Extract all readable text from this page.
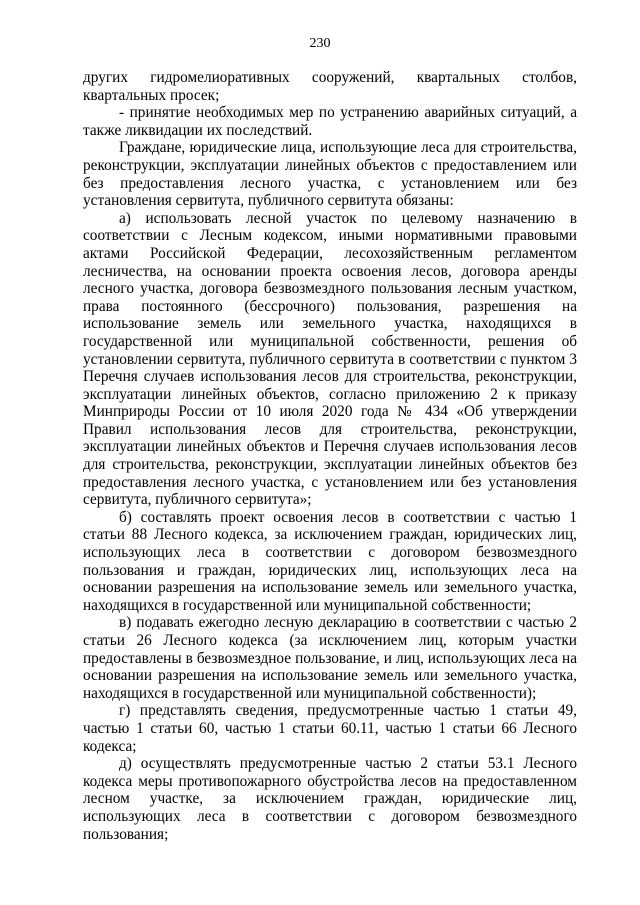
230

других гидромелиоративных сооружений, квартальных столбов, квартальных просек;

- принятие необходимых мер по устранению аварийных ситуаций, а также ликвидации их последствий.

Граждане, юридические лица, использующие леса для строительства, реконструкции, эксплуатации линейных объектов с предоставлением или без предоставления лесного участка, с установлением или без установления сервитута, публичного сервитута обязаны:

а) использовать лесной участок по целевому назначению в соответствии с Лесным кодексом, иными нормативными правовыми актами Российской Федерации, лесохозяйственным регламентом лесничества, на основании проекта освоения лесов, договора аренды лесного участка, договора безвозмездного пользования лесным участком, права постоянного (бессрочного) пользования, разрешения на использование земель или земельного участка, находящихся в государственной или муниципальной собственности, решения об установлении сервитута, публичного сервитута в соответствии с пунктом 3 Перечня случаев использования лесов для строительства, реконструкции, эксплуатации линейных объектов, согласно приложению 2 к приказу Минприроды России от 10 июля 2020 года № 434 «Об утверждении Правил использования лесов для строительства, реконструкции, эксплуатации линейных объектов и Перечня случаев использования лесов для строительства, реконструкции, эксплуатации линейных объектов без предоставления лесного участка, с установлением или без установления сервитута, публичного сервитута»;

б) составлять проект освоения лесов в соответствии с частью 1 статьи 88 Лесного кодекса, за исключением граждан, юридических лиц, использующих леса в соответствии с договором безвозмездного пользования и граждан, юридических лиц, использующих леса на основании разрешения на использование земель или земельного участка, находящихся в государственной или муниципальной собственности;

в) подавать ежегодно лесную декларацию в соответствии с частью 2 статьи 26 Лесного кодекса (за исключением лиц, которым участки предоставлены в безвозмездное пользование, и лиц, использующих леса на основании разрешения на использование земель или земельного участка, находящихся в государственной или муниципальной собственности);

г) представлять сведения, предусмотренные частью 1 статьи 49, частью 1 статьи 60, частью 1 статьи 60.11, частью 1 статьи 66 Лесного кодекса;

д) осуществлять предусмотренные частью 2 статьи 53.1 Лесного кодекса меры противопожарного обустройства лесов на предоставленном лесном участке, за исключением граждан, юридические лиц, использующих леса в соответствии с договором безвозмездного пользования;
